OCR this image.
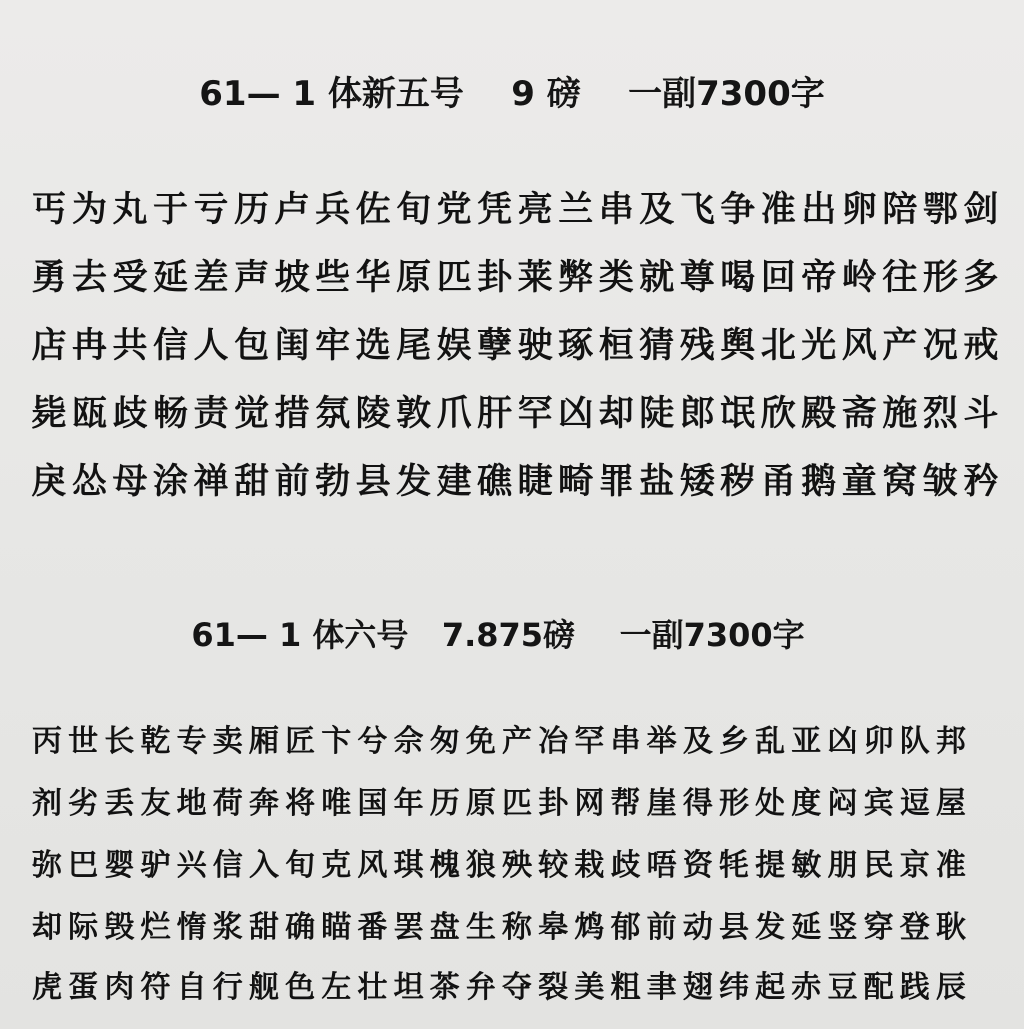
61— 1 体新五号    9 磅    一副7300字
丐 为 丸 于 亏 历 卢 兵 佐 旬 党 凭 亮 兰 串 及 飞 争 准 出 卵 陪 鄂 剑
勇 去 受 延 差 声 坡 些 华 原 匹 卦 莱 弊 类 就 尊 喝 回 帝 岭 往 形 多
店 冉 共 信 人 包 闺 牢 选 尾 娱 孽 驶 琢 桓 猜 残 舆 北 光 风 产 况 戒
毙 瓯 歧 畅 责 觉 措 氛 陵 敦 爪 肝 罕 凶 却 陡 郎 氓 欣 殿 斋 施 烈 斗
戾 怂 母 涂 禅 甜 前 勃 县 发 建 礁 睫 畸 罪 盐 矮 秽 甬 鹅 童 窝 皱 矜
61— 1 体六号   7.875磅    一副7300字
丙 世 长 乾 专 卖 厢 匠 卞 兮 佘 匆 免 产 冶 罕 串 举 及 乡 乱 亚 凶 卯 队 邦
剂 劣 丢 友 地 荷 奔 将 唯 国 年 历 原 匹 卦 网 帮 崖 得 形 处 度 闷 宾 逗 屋
弥 巴 婴 驴 兴 信 入 旬 克 风 琪 槐 狼 殃 较 栽 歧 唔 资 牦 提 敏 朋 民 京 准
却 际 毁 烂 惰 浆 甜 确 瞄 番 罢 盘 生 称 皋 鸩 郁 前 动 县 发 延 竖 穿 登 耿
虎 蛋 肉 符 自 行 舰 色 左 壮 坦 茶 弁 夺 裂 美 粗 聿 翅 纬 起 赤 豆 配 践 辰
